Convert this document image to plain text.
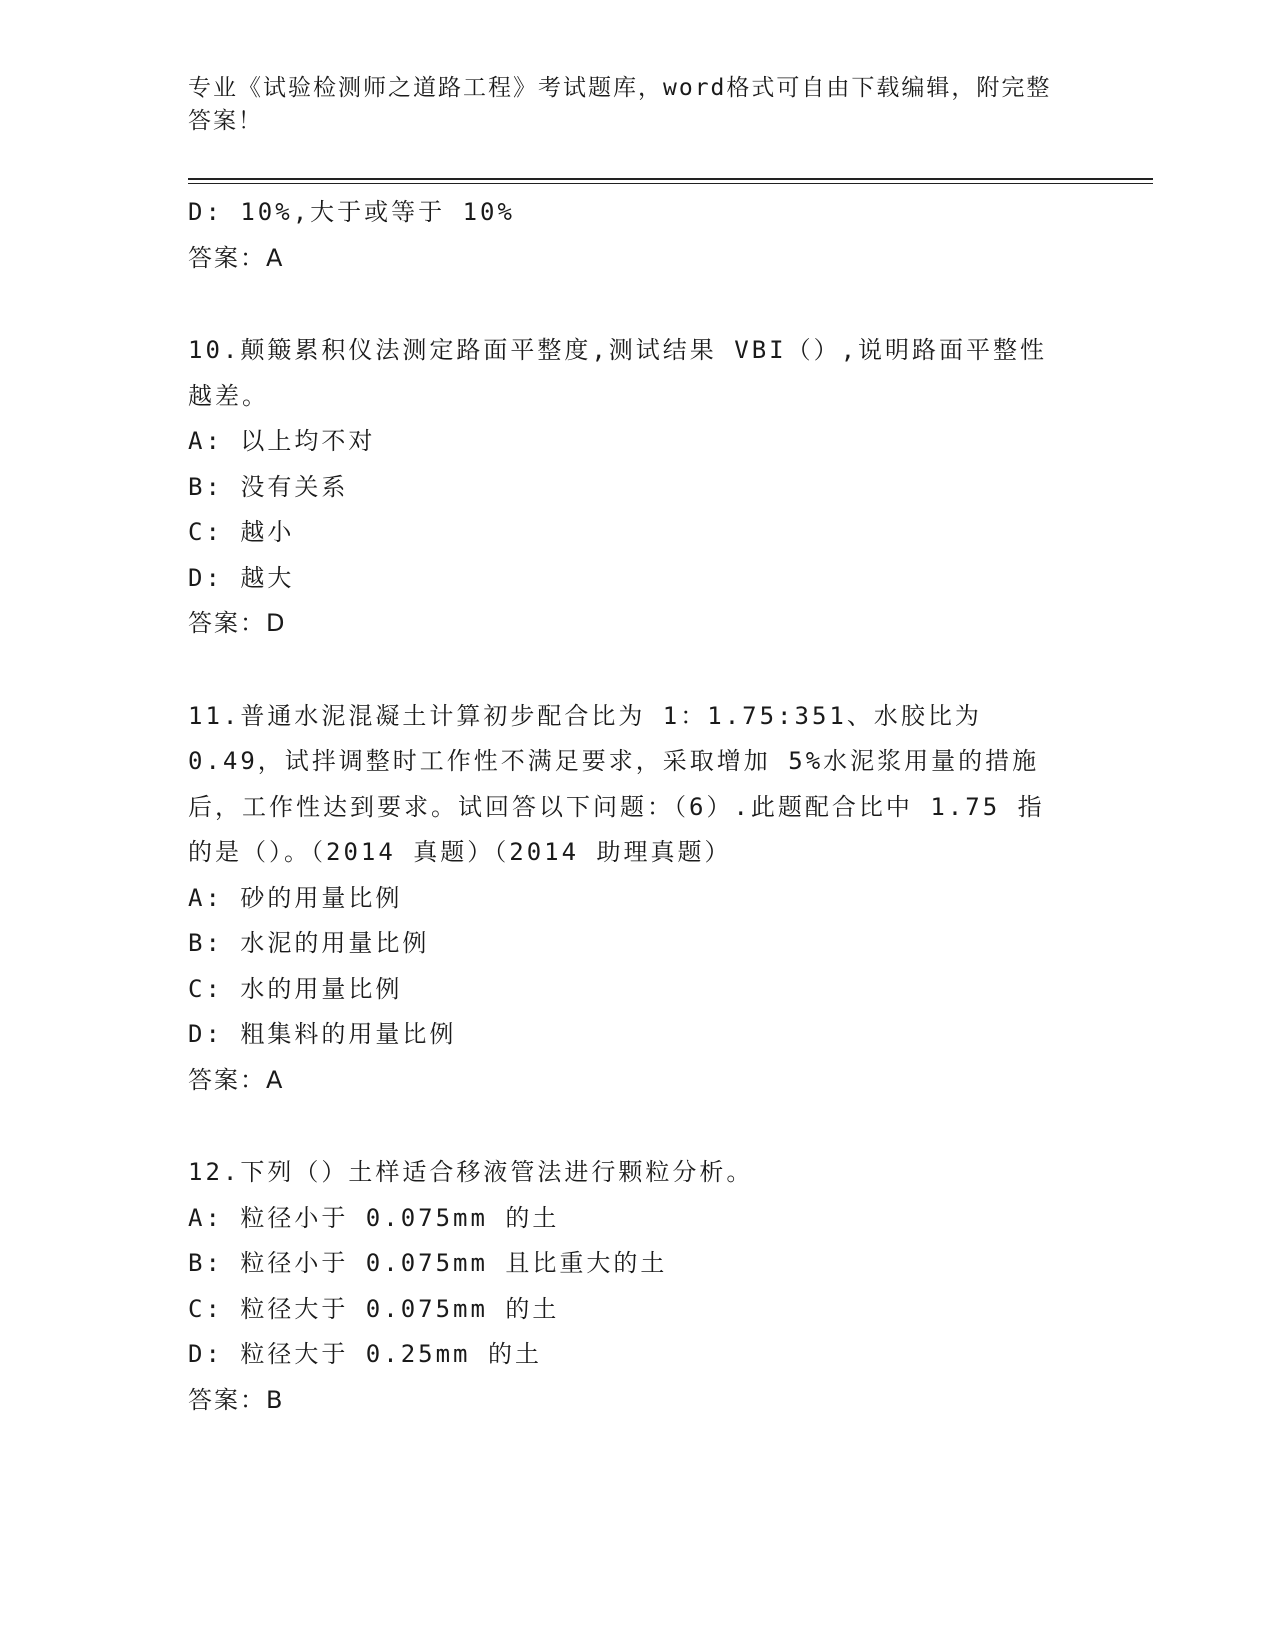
专业《试验检测师之道路工程》考试题库，word格式可自由下载编辑，附完整答案！
D: 10%,大于或等于 10%
答案：A
10.颠簸累积仪法测定路面平整度,测试结果 VBI（）,说明路面平整性越差。
A: 以上均不对
B: 没有关系
C: 越小
D: 越大
答案：D
11.普通水泥混凝土计算初步配合比为 1：1.75:351、水胶比为 0.49，试拌调整时工作性不满足要求，采取增加 5%水泥浆用量的措施后，工作性达到要求。试回答以下问题：（6）.此题配合比中 1.75 指的是（）。（2014 真题）（2014 助理真题）
A: 砂的用量比例
B: 水泥的用量比例
C: 水的用量比例
D: 粗集料的用量比例
答案：A
12.下列（）土样适合移液管法进行颗粒分析。
A: 粒径小于 0.075mm 的土
B: 粒径小于 0.075mm 且比重大的土
C: 粒径大于 0.075mm 的土
D: 粒径大于 0.25mm 的土
答案：B
